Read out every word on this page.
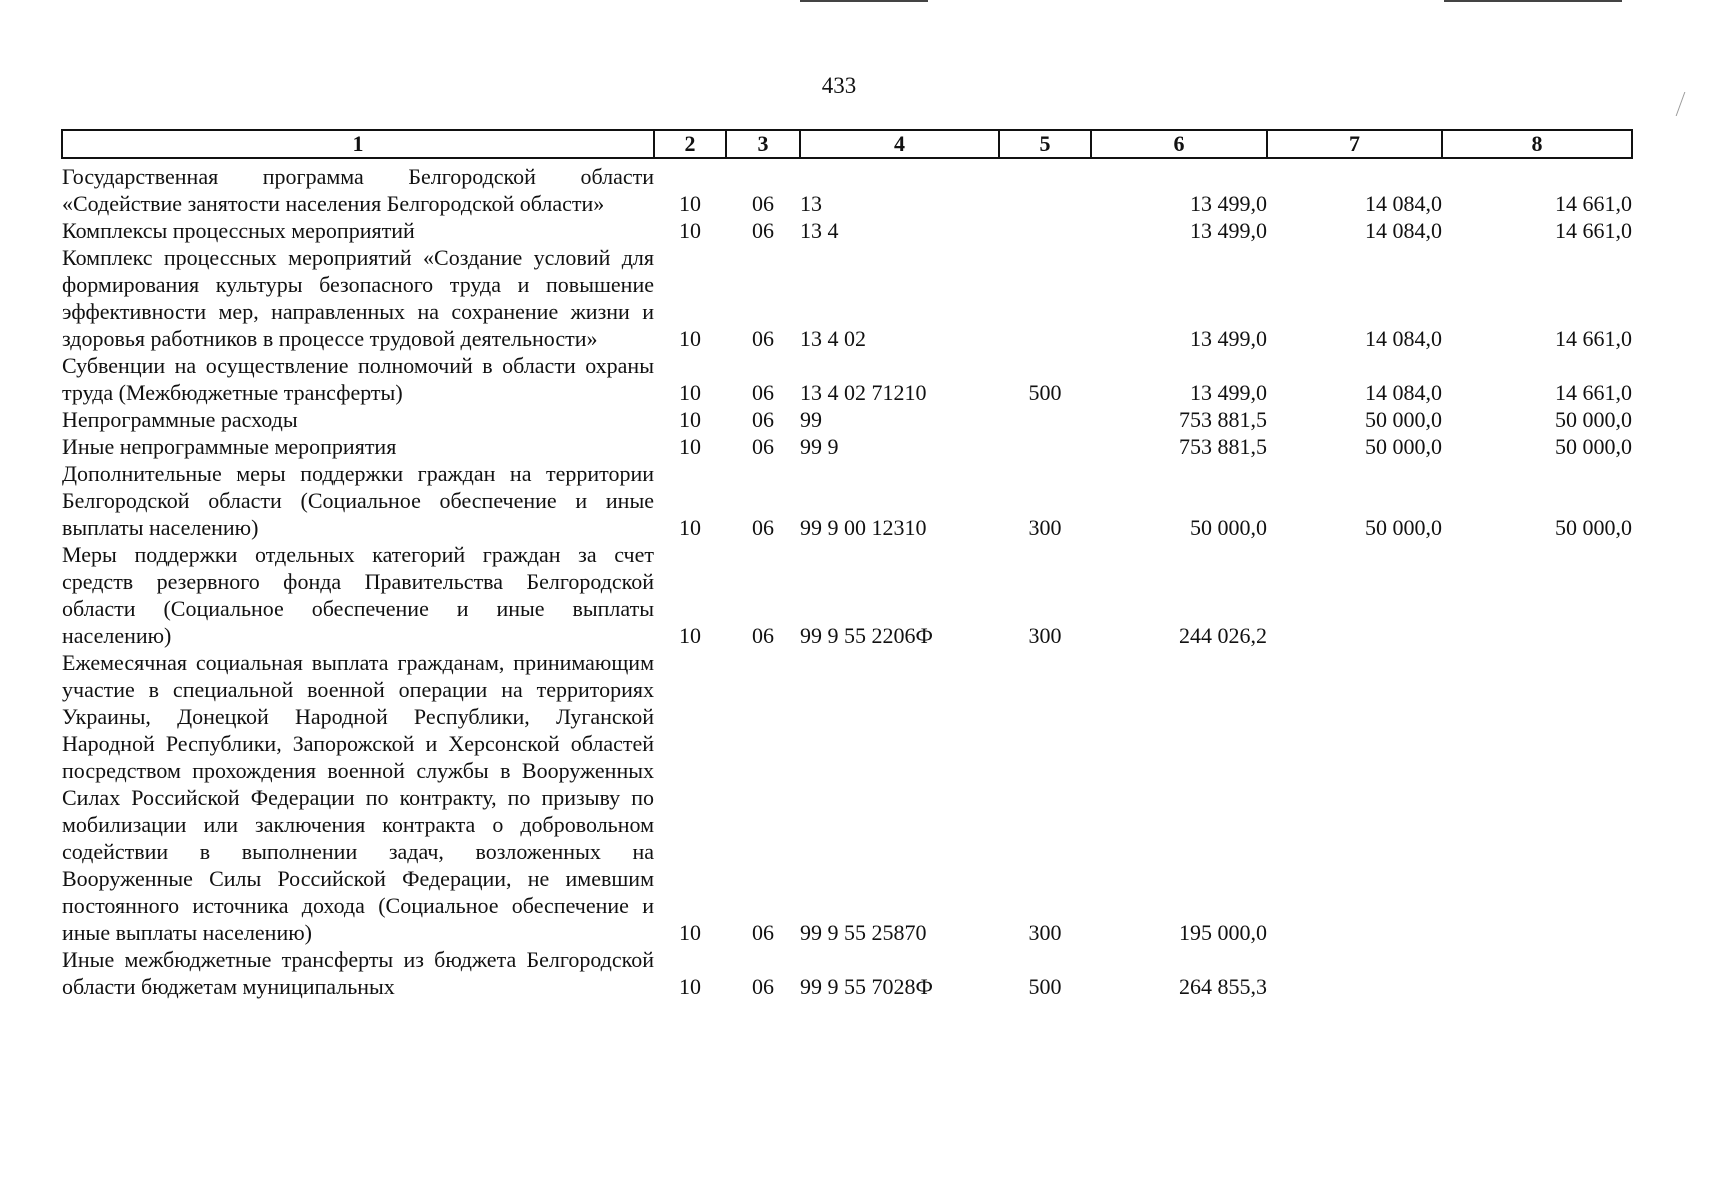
433
1	2	3	4	5	6	7	8
Государственная программа Белгородской области «Содействие занятости населения Белгородской области»	10	06	13		13 499,0	14 084,0	14 661,0
Комплексы процессных мероприятий	10	06	13 4		13 499,0	14 084,0	14 661,0
Комплекс процессных мероприятий «Создание условий для формирования культуры безопасного труда и повышение эффективности мер, направленных на сохранение жизни и здоровья работников в процессе трудовой деятельности»	10	06	13 4 02		13 499,0	14 084,0	14 661,0
Субвенции на осуществление полномочий в области охраны труда (Межбюджетные трансферты)	10	06	13 4 02 71210	500	13 499,0	14 084,0	14 661,0
Непрограммные расходы	10	06	99		753 881,5	50 000,0	50 000,0
Иные непрограммные мероприятия	10	06	99 9		753 881,5	50 000,0	50 000,0
Дополнительные меры поддержки граждан на территории Белгородской области (Социальное обеспечение и иные выплаты населению)	10	06	99 9 00 12310	300	50 000,0	50 000,0	50 000,0
Меры поддержки отдельных категорий граждан за счет средств резервного фонда Правительства Белгородской области (Социальное обеспечение и иные выплаты населению)	10	06	99 9 55 2206Ф	300	244 026,2		
Ежемесячная социальная выплата гражданам, принимающим участие в специальной военной операции на территориях Украины, Донецкой Народной Республики, Луганской Народной Республики, Запорожской и Херсонской областей посредством прохождения военной службы в Вооруженных Силах Российской Федерации по контракту, по призыву по мобилизации или заключения контракта о добровольном содействии в выполнении задач, возложенных на Вооруженные Силы Российской Федерации, не имевшим постоянного источника дохода (Социальное обеспечение и иные выплаты населению)	10	06	99 9 55 25870	300	195 000,0		
Иные межбюджетные трансферты из бюджета Белгородской области бюджетам муниципальных	10	06	99 9 55 7028Ф	500	264 855,3		
